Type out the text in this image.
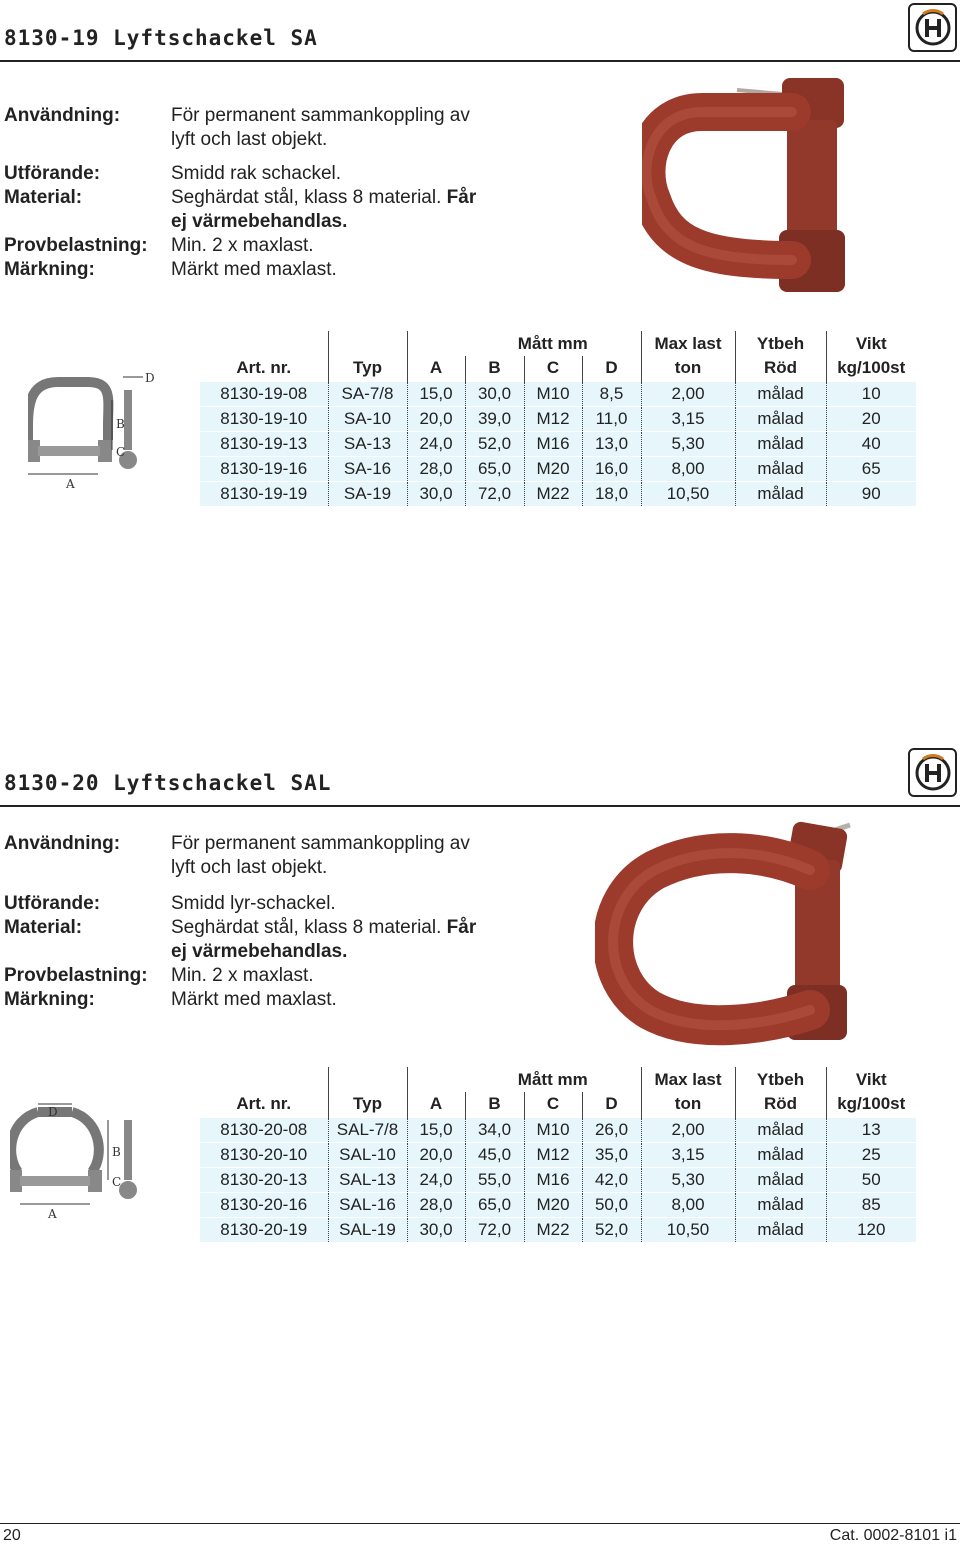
8130-19 Lyftschackel SA
Användning:	För permanent sammankoppling av
lyft och last objekt.
Utförande:	Smidd rak schackel.
Material:	Seghärdat stål, klass 8 material. Får
ej värmebehandlas.
Provbelastning:	Min. 2 x maxlast.
Märkning:	Märkt med maxlast.
D
B
C
A
			Mått mm			Max last	Ytbeh	Vikt
Art. nr.	Typ	A	B	C	D	ton	Röd	kg/100st
8130-19-08	SA-7/8	15,0	30,0	M10	8,5	2,00	målad	10
8130-19-10	SA-10	20,0	39,0	M12	11,0	3,15	målad	20
8130-19-13	SA-13	24,0	52,0	M16	13,0	5,30	målad	40
8130-19-16	SA-16	28,0	65,0	M20	16,0	8,00	målad	65
8130-19-19	SA-19	30,0	72,0	M22	18,0	10,50	målad	90
8130-20 Lyftschackel SAL
Användning:	För permanent sammankoppling av
lyft och last objekt.
Utförande:	Smidd lyr-schackel.
Material:	Seghärdat stål, klass 8 material. Får
ej värmebehandlas.
Provbelastning:	Min. 2 x maxlast.
Märkning:	Märkt med maxlast.
D
B
C
A
			Mått mm			Max last	Ytbeh	Vikt
Art. nr.	Typ	A	B	C	D	ton	Röd	kg/100st
8130-20-08	SAL-7/8	15,0	34,0	M10	26,0	2,00	målad	13
8130-20-10	SAL-10	20,0	45,0	M12	35,0	3,15	målad	25
8130-20-13	SAL-13	24,0	55,0	M16	42,0	5,30	målad	50
8130-20-16	SAL-16	28,0	65,0	M20	50,0	8,00	målad	85
8130-20-19	SAL-19	30,0	72,0	M22	52,0	10,50	målad	120
20	Cat. 0002-8101 i1
